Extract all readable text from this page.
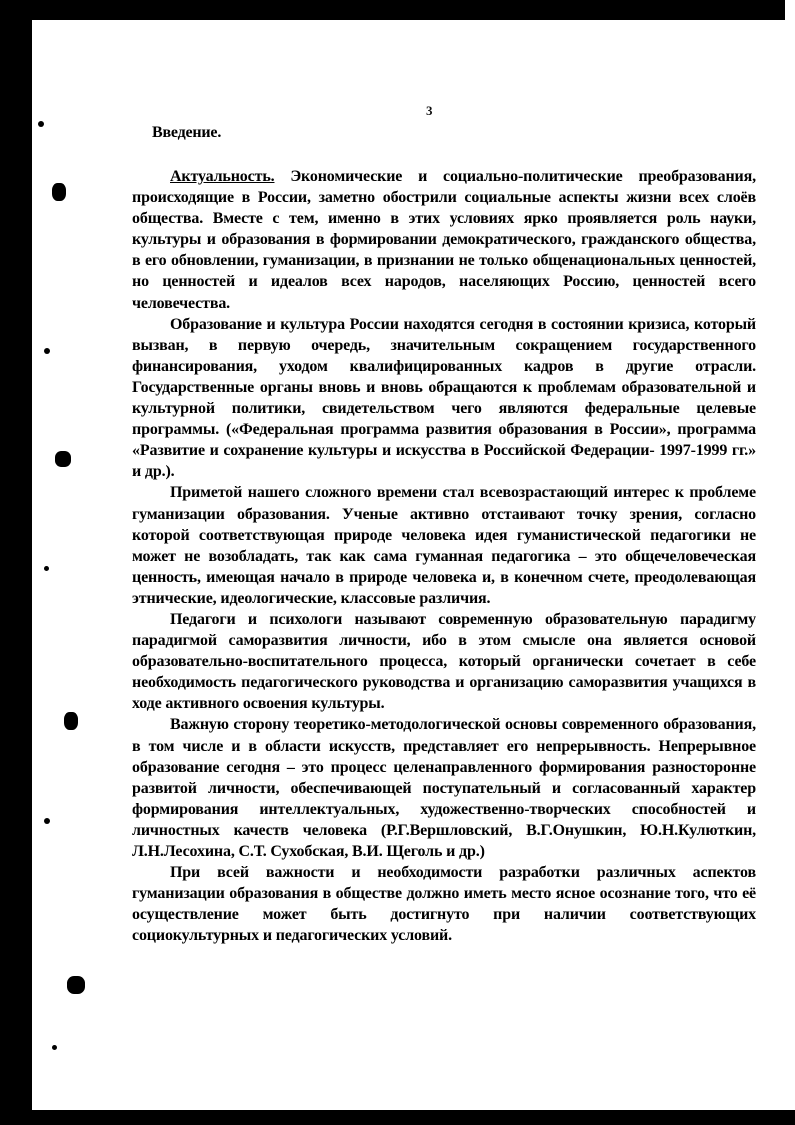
3
Введение.

Актуальность. Экономические и социально-политические преобразования, происходящие в России, заметно обострили социальные аспекты жизни всех слоёв общества. Вместе с тем, именно в этих условиях ярко проявляется роль науки, культуры и образования в формировании демократического, гражданского общества, в его обновлении, гуманизации, в признании не только общенациональных ценностей, но ценностей и идеалов всех народов, населяющих Россию, ценностей всего человечества.

Образование и культура России находятся сегодня в состоянии кризиса, который вызван, в первую очередь, значительным сокращением государственного финансирования, уходом квалифицированных кадров в другие отрасли. Государственные органы вновь и вновь обращаются к проблемам образовательной и культурной политики, свидетельством чего являются федеральные целевые программы. («Федеральная программа развития образования в России», программа «Развитие и сохранение культуры и искусства в Российской Федерации- 1997-1999 гг.» и др.).

Приметой нашего сложного времени стал всевозрастающий интерес к проблеме гуманизации образования. Ученые активно отстаивают точку зрения, согласно которой соответствующая природе человека идея гуманистической педагогики не может не возобладать, так как сама гуманная педагогика – это общечеловеческая ценность, имеющая начало в природе человека и, в конечном счете, преодолевающая этнические, идеологические, классовые различия.

Педагоги и психологи называют современную образовательную парадигму парадигмой саморазвития личности, ибо в этом смысле она является основой образовательно-воспитательного процесса, который органически сочетает в себе необходимость педагогического руководства и организацию саморазвития учащихся в ходе активного освоения культуры.

Важную сторону теоретико-методологической основы современного образования, в том числе и в области искусств, представляет его непрерывность. Непрерывное образование сегодня – это процесс целенаправленного формирования разносторонне развитой личности, обеспечивающей поступательный и согласованный характер формирования интеллектуальных, художественно-творческих способностей и личностных качеств человека (Р.Г.Вершловский, В.Г.Онушкин, Ю.Н.Кулюткин, Л.Н.Лесохина, С.Т. Сухобская, В.И. Щеголь и др.)

При всей важности и необходимости разработки различных аспектов гуманизации образования в обществе должно иметь место ясное осознание того, что её осуществление может быть достигнуто при наличии соответствующих социокультурных и педагогических условий.
